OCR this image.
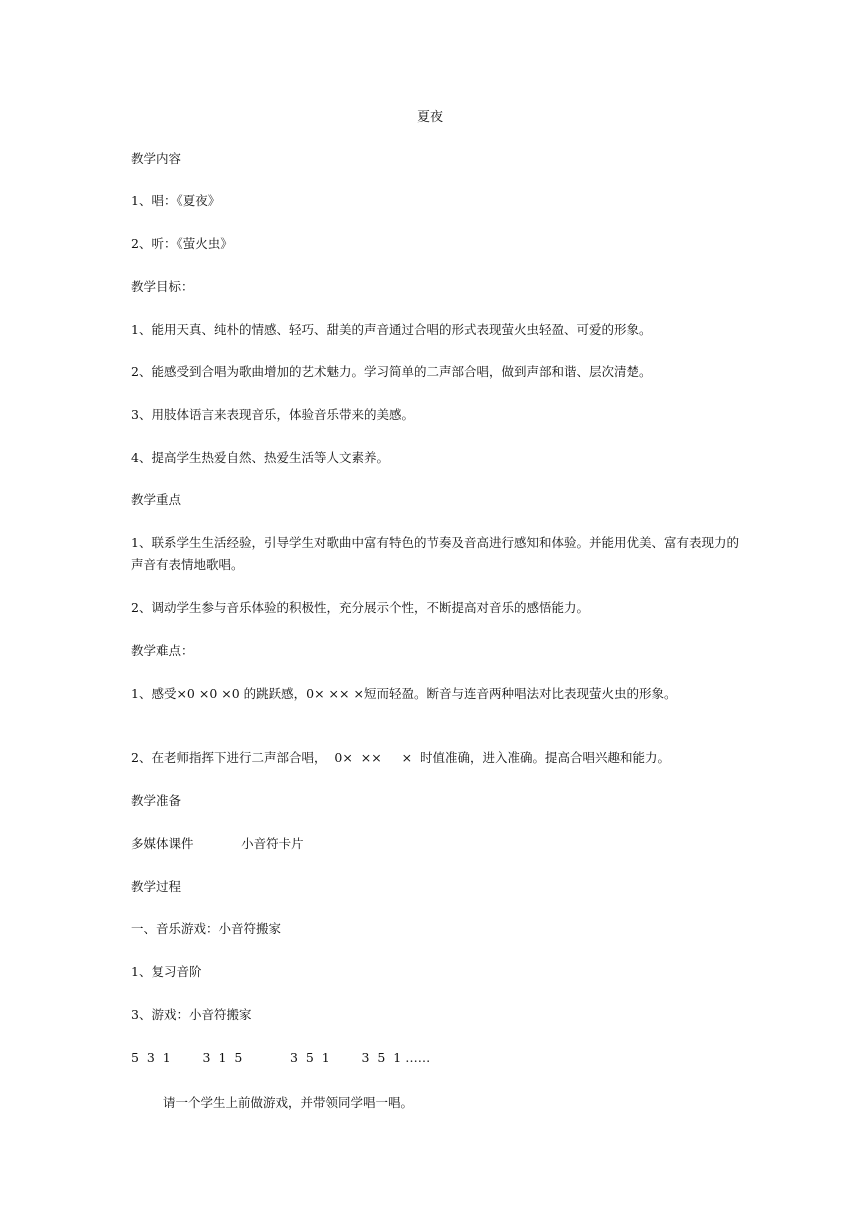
夏夜
教学内容
1、唱：《夏夜》
2、听：《萤火虫》
教学目标：
1、能用天真、纯朴的情感、轻巧、甜美的声音通过合唱的形式表现萤火虫轻盈、可爱的形象。
2、能感受到合唱为歌曲增加的艺术魅力。学习简单的二声部合唱，做到声部和谐、层次清楚。
3、用肢体语言来表现音乐，体验音乐带来的美感。
4、提高学生热爱自然、热爱生活等人文素养。
教学重点
1、联系学生生活经验，引导学生对歌曲中富有特色的节奏及音高进行感知和体验。并能用优美、富有表现力的声音有表情地歌唱。
2、调动学生参与音乐体验的积极性，充分展示个性，不断提高对音乐的感悟能力。
教学难点：
1、感受×0 ×0 ×0 的跳跃感，0× ×× ×短而轻盈。断音与连音两种唱法对比表现萤火虫的形象。
2、在老师指挥下进行二声部合唱，  0×  ××     ×  时值准确，进入准确。提高合唱兴趣和能力。
教学准备
多媒体课件            小音符卡片
教学过程
一、音乐游戏：小音符搬家
1、复习音阶
3、游戏：小音符搬家
5  3  1        3  1  5            3  5  1        3  5  1 ……
请一个学生上前做游戏，并带领同学唱一唱。
